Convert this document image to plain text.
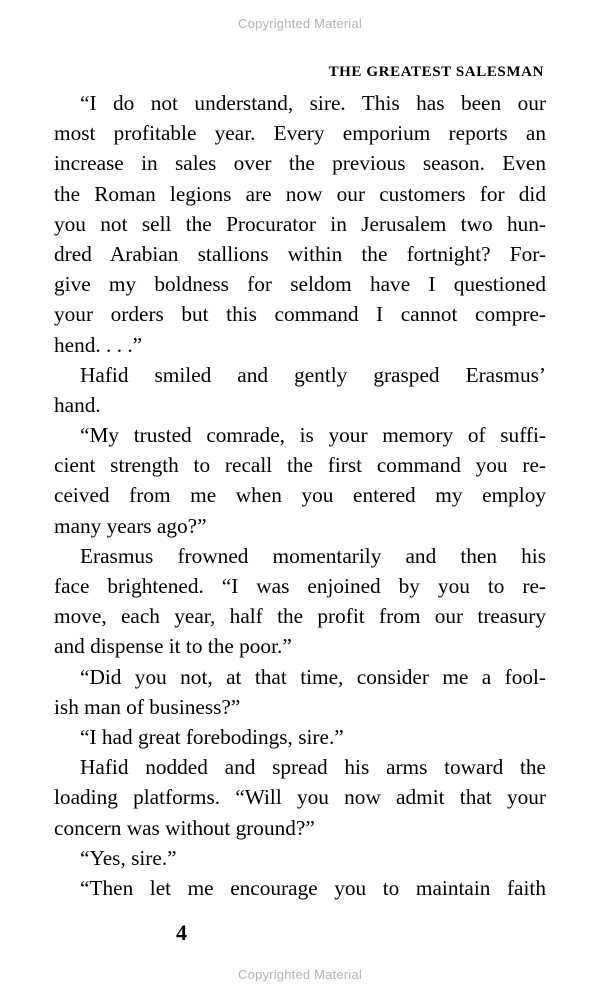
Copyrighted Material
THE GREATEST SALESMAN
“I do not understand, sire. This has been our
most profitable year. Every emporium reports an
increase in sales over the previous season. Even
the Roman legions are now our customers for did
you not sell the Procurator in Jerusalem two hun-
dred Arabian stallions within the fortnight? For-
give my boldness for seldom have I questioned
your orders but this command I cannot compre-
hend. . . .”
Hafid smiled and gently grasped Erasmus’
hand.
“My trusted comrade, is your memory of suffi-
cient strength to recall the first command you re-
ceived from me when you entered my employ
many years ago?”
Erasmus frowned momentarily and then his
face brightened. “I was enjoined by you to re-
move, each year, half the profit from our treasury
and dispense it to the poor.”
“Did you not, at that time, consider me a fool-
ish man of business?”
“I had great forebodings, sire.”
Hafid nodded and spread his arms toward the
loading platforms. “Will you now admit that your
concern was without ground?”
“Yes, sire.”
“Then let me encourage you to maintain faith
4
Copyrighted Material
